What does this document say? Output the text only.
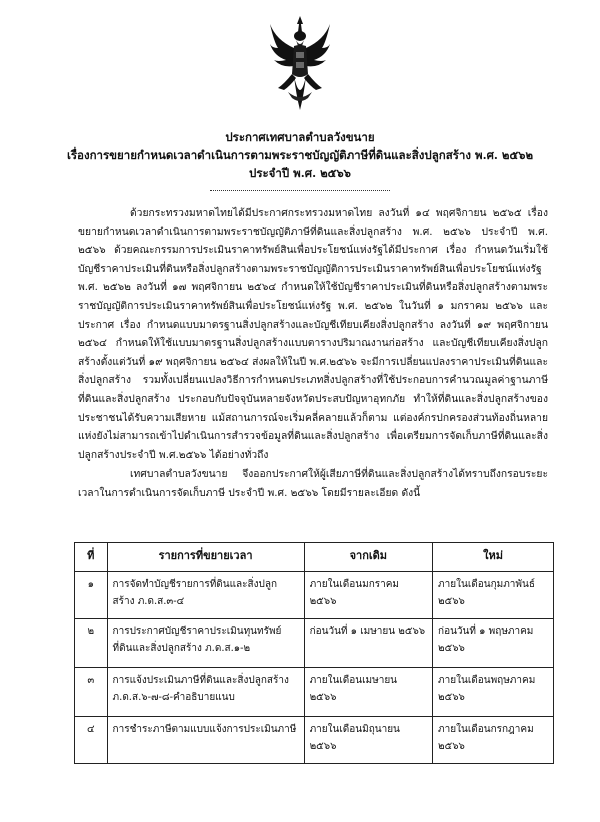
ประกาศเทศบาลตำบลวังขนาย
เรื่องการขยายกำหนดเวลาดำเนินการตามพระราชบัญญัติภาษีที่ดินและสิ่งปลูกสร้าง พ.ศ. ๒๕๖๒
ประจำปี พ.ศ. ๒๕๖๖

ด้วยกระทรวงมหาดไทยได้มีประกาศกระทรวงมหาดไทย ลงวันที่ ๑๔ พฤศจิกายน ๒๕๖๕ เรื่องขยายกำหนดเวลาดำเนินการตามพระราชบัญญัติภาษีที่ดินและสิ่งปลูกสร้าง พ.ศ. ๒๕๖๖ ประจำปี พ.ศ. ๒๕๖๖ ด้วยคณะกรรมการประเมินราคาทรัพย์สินเพื่อประโยชน์แห่งรัฐได้มีประกาศ เรื่อง กำหนดวันเริ่มใช้บัญชีราคาประเมินที่ดินหรือสิ่งปลูกสร้างตามพระราชบัญญัติการประเมินราคาทรัพย์สินเพื่อประโยชน์แห่งรัฐ พ.ศ. ๒๕๖๒ ลงวันที่ ๑๗ พฤศจิกายน ๒๕๖๔ กำหนดให้ใช้บัญชีราคาประเมินที่ดินหรือสิ่งปลูกสร้างตามพระราชบัญญัติการประเมินราคาทรัพย์สินเพื่อประโยชน์แห่งรัฐ พ.ศ. ๒๕๖๒ ในวันที่ ๑ มกราคม ๒๕๖๖ และประกาศ เรื่อง กำหนดแบบมาตรฐานสิ่งปลูกสร้างและบัญชีเทียบเคียงสิ่งปลูกสร้าง ลงวันที่ ๑๙ พฤศจิกายน ๒๕๖๔ กำหนดให้ใช้แบบมาตรฐานสิ่งปลูกสร้างแบบตารางปริมาณงานก่อสร้าง และบัญชีเทียบเคียงสิ่งปลูกสร้างตั้งแต่วันที่ ๑๙ พฤศจิกายน ๒๕๖๔ ส่งผลให้ในปี พ.ศ.๒๕๖๖ จะมีการเปลี่ยนแปลงราคาประเมินที่ดินและสิ่งปลูกสร้าง รวมทั้งเปลี่ยนแปลงวิธีการกำหนดประเภทสิ่งปลูกสร้างที่ใช้ประกอบการคำนวณมูลค่าฐานภาษีที่ดินและสิ่งปลูกสร้าง ประกอบกับปัจจุบันหลายจังหวัดประสบปัญหาอุทกภัย ทำให้ที่ดินและสิ่งปลูกสร้างของประชาชนได้รับความเสียหาย แม้สถานการณ์จะเริ่มคลี่คลายแล้วก็ตาม แต่องค์กรปกครองส่วนท้องถิ่นหลายแห่งยังไม่สามารถเข้าไปดำเนินการสำรวจข้อมูลที่ดินและสิ่งปลูกสร้าง เพื่อเตรียมการจัดเก็บภาษีที่ดินและสิ่งปลูกสร้างประจำปี พ.ศ.๒๕๖๖ ได้อย่างทั่วถึง

เทศบาลตำบลวังขนาย จึงออกประกาศให้ผู้เสียภาษีที่ดินและสิ่งปลูกสร้างได้ทราบถึงกรอบระยะเวลาในการดำเนินการจัดเก็บภาษี ประจำปี พ.ศ. ๒๕๖๖ โดยมีรายละเอียด ดังนี้

ที่	รายการที่ขยายเวลา	จากเดิม	ใหม่
๑	การจัดทำบัญชีรายการที่ดินและสิ่งปลูกสร้าง ภ.ด.ส.๓-๔	ภายในเดือนมกราคม ๒๕๖๖	ภายในเดือนกุมภาพันธ์ ๒๕๖๖
๒	การประกาศบัญชีราคาประเมินทุนทรัพย์ที่ดินและสิ่งปลูกสร้าง ภ.ด.ส.๑-๒	ก่อนวันที่ ๑ เมษายน ๒๕๖๖	ก่อนวันที่ ๑ พฤษภาคม ๒๕๖๖
๓	การแจ้งประเมินภาษีที่ดินและสิ่งปลูกสร้าง ภ.ด.ส.๖-๗-๘-คำอธิบายแนบ	ภายในเดือนเมษายน ๒๕๖๖	ภายในเดือนพฤษภาคม ๒๕๖๖
๔	การชำระภาษีตามแบบแจ้งการประเมินภาษี	ภายในเดือนมิถุนายน ๒๕๖๖	ภายในเดือนกรกฎาคม ๒๕๖๖
